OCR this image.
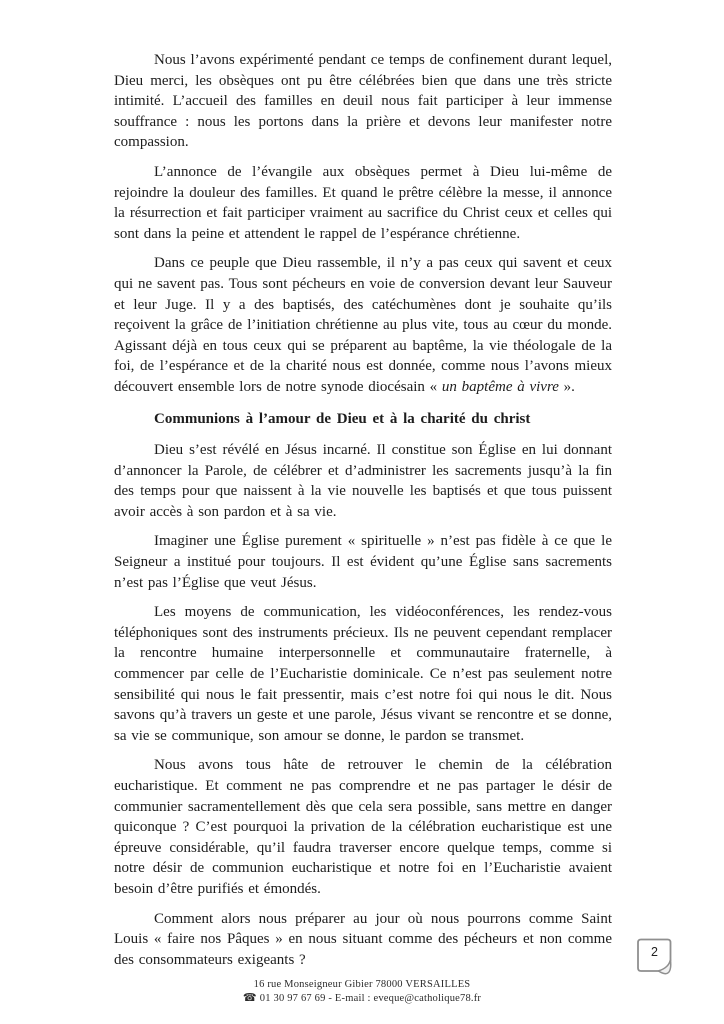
Nous l’avons expérimenté pendant ce temps de confinement durant lequel, Dieu merci, les obsèques ont pu être célébrées bien que dans une très stricte intimité. L’accueil des familles en deuil nous fait participer à leur immense souffrance : nous les portons dans la prière et devons leur manifester notre compassion.

L’annonce de l’évangile aux obsèques permet à Dieu lui-même de rejoindre la douleur des familles. Et quand le prêtre célèbre la messe, il annonce la résurrection et fait participer vraiment au sacrifice du Christ ceux et celles qui sont dans la peine et attendent le rappel de l’espérance chrétienne.

Dans ce peuple que Dieu rassemble, il n’y a pas ceux qui savent et ceux qui ne savent pas. Tous sont pécheurs en voie de conversion devant leur Sauveur et leur Juge. Il y a des baptisés, des catéchumènes dont je souhaite qu’ils reçoivent la grâce de l’initiation chrétienne au plus vite, tous au cœur du monde. Agissant déjà en tous ceux qui se préparent au baptême, la vie théologale de la foi, de l’espérance et de la charité nous est donnée, comme nous l’avons mieux découvert ensemble lors de notre synode diocésain « un baptême à vivre ».

Communions à l’amour de Dieu et à la charité du christ

Dieu s’est révélé en Jésus incarné. Il constitue son Église en lui donnant d’annoncer la Parole, de célébrer et d’administrer les sacrements jusqu’à la fin des temps pour que naissent à la vie nouvelle les baptisés et que tous puissent avoir accès à son pardon et à sa vie.

Imaginer une Église purement « spirituelle » n’est pas fidèle à ce que le Seigneur a institué pour toujours. Il est évident qu’une Église sans sacrements n’est pas l’Église que veut Jésus.

Les moyens de communication, les vidéoconférences, les rendez-vous téléphoniques sont des instruments précieux. Ils ne peuvent cependant remplacer la rencontre humaine interpersonnelle et communautaire fraternelle, à commencer par celle de l’Eucharistie dominicale. Ce n’est pas seulement notre sensibilité qui nous le fait pressentir, mais c’est notre foi qui nous le dit. Nous savons qu’à travers un geste et une parole, Jésus vivant se rencontre et se donne, sa vie se communique, son amour se donne, le pardon se transmet.

Nous avons tous hâte de retrouver le chemin de la célébration eucharistique. Et comment ne pas comprendre et ne pas partager le désir de communier sacramentellement dès que cela sera possible, sans mettre en danger quiconque ? C’est pourquoi la privation de la célébration eucharistique est une épreuve considérable, qu’il faudra traverser encore quelque temps, comme si notre désir de communion eucharistique et notre foi en l’Eucharistie avaient besoin d’être purifiés et émondés.

Comment alors nous préparer au jour où nous pourrons comme Saint Louis « faire nos Pâques » en nous situant comme des pécheurs et non comme des consommateurs exigeants ?

16 rue Monseigneur Gibier 78000 VERSAILLES
☎ 01 30 97 67 69 - E-mail : eveque@catholique78.fr
2
